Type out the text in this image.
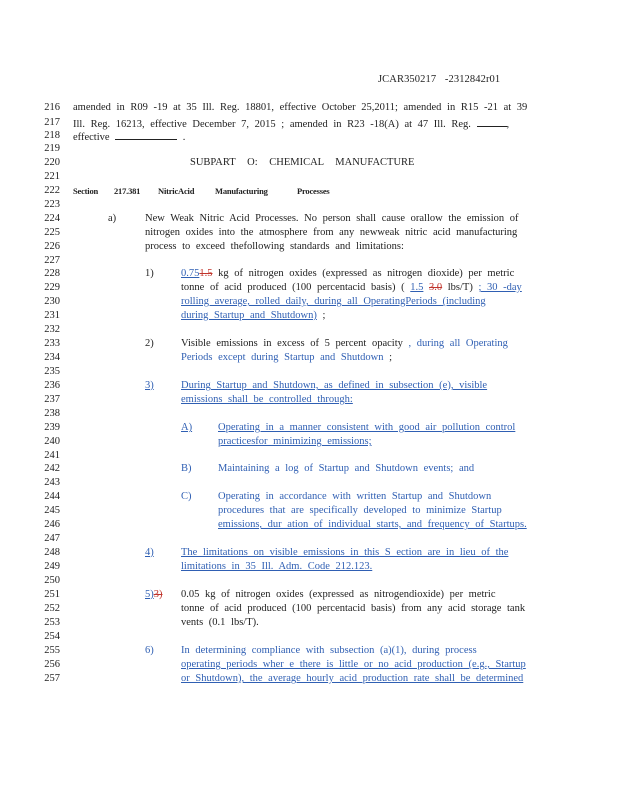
JCAR350217 -2312842r01
216
217
218
219
220
221
222
223
224
225
226
227
228
229
230
231
232
233
234
235
236
237
238
239
240
241
242
243
244
245
246
247
248
249
250
251
252
253
254
255
256
257
amended in R09 -19 at 35 Ill. Reg. 18801, effective October 25,2011; amended in R15 -21 at 39
Ill. Reg. 16213, effective December 7, 2015 ; amended in R23 -18(A) at 47 Ill. Reg.	,
effective	.
SUBPART O: CHEMICAL MANUFACTURE
Section 217.381 NitricAcid Manufacturing	Processes
a)	New Weak Nitric Acid Processes. No person shall cause orallow the emission of
nitrogen oxides into the atmosphere from any newweak nitric acid manufacturing
process to exceed thefollowing standards and limitations:
1)	0.751.5 kg of nitrogen oxides (expressed as nitrogen dioxide) per metric
tonne of acid produced (100 percentacid basis) ( 1.5 3.0 lbs/T) ; 30 -day
rolling average, rolled daily, during all OperatingPeriods (including
during Startup and Shutdown) ;
2)	Visible emissions in excess of 5 percent opacity , during all Operating
Periods except during Startup and Shutdown ;
3)	During Startup and Shutdown, as defined in subsection (e), visible
emissions shall be controlled through:
A) Operating in a manner consistent with good air pollution control
practicesfor minimizing emissions;
B)	Maintaining a log of Startup and Shutdown events; and
C)	Operating in accordance with written Startup and Shutdown
procedures that are specifically developed to minimize Startup
emissions, dur ation of individual starts, and frequency of Startups.
4)	The limitations on visible emissions in this S ection are in lieu of the
limitations in 35 Ill. Adm. Code 212.123.
5)3) 0.05 kg of nitrogen oxides (expressed as nitrogendioxide) per metric
tonne of acid produced (100 percentacid basis) from any acid storage tank
vents (0.1 lbs/T).
6)	In determining compliance with subsection (a)(1), during process
operating periods wher e there is little or no acid production (e.g., Startup
or Shutdown), the average hourly acid production rate shall be determined
